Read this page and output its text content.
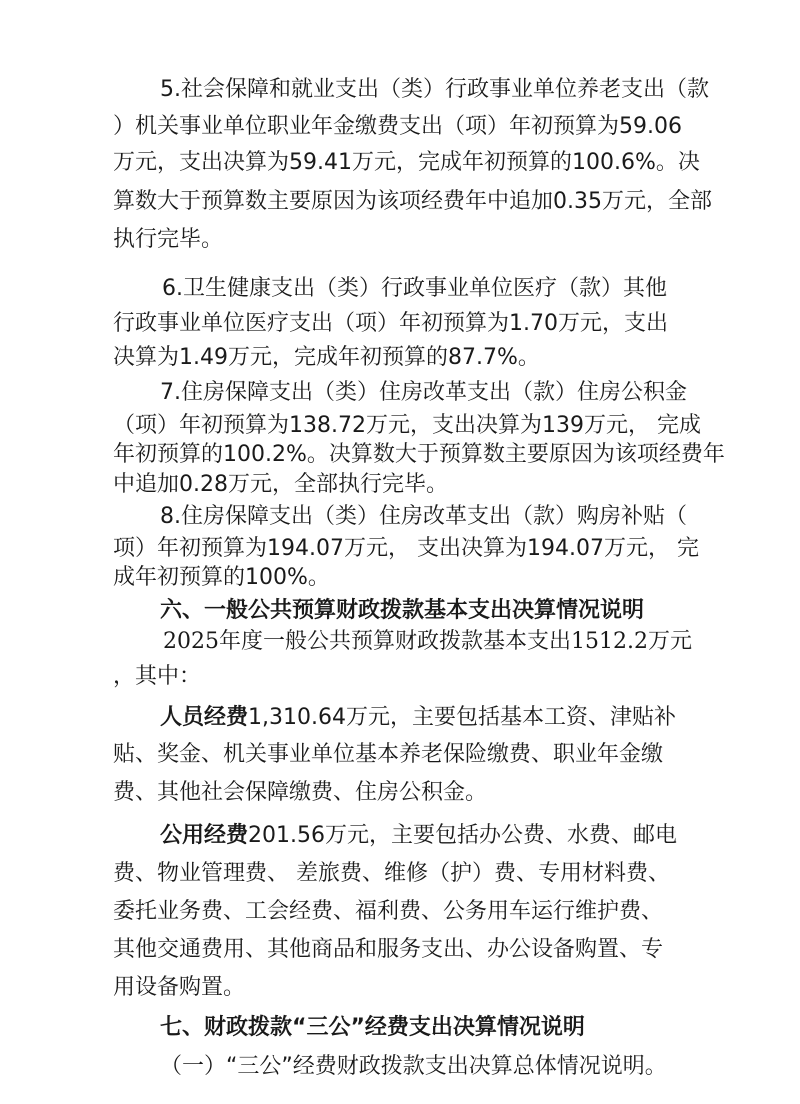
5.社会保障和就业支出（类）行政事业单位养老支出（款
）机关事业单位职业年金缴费支出（项）年初预算为59.06
万元，支出决算为59.41万元，完成年初预算的100.6%。决
算数大于预算数主要原因为该项经费年中追加0.35万元，全部
执行完毕。
6.卫生健康支出（类）行政事业单位医疗（款）其他
行政事业单位医疗支出（项）年初预算为1.70万元，支出
决算为1.49万元，完成年初预算的87.7%。
7.住房保障支出（类）住房改革支出（款）住房公积金
（项）年初预算为138.72万元，支出决算为139万元， 完成
年初预算的100.2%。决算数大于预算数主要原因为该项经费年
中追加0.28万元，全部执行完毕。
8.住房保障支出（类）住房改革支出（款）购房补贴（
项）年初预算为194.07万元， 支出决算为194.07万元， 完
成年初预算的100%。
六、一般公共预算财政拨款基本支出决算情况说明
2025年度一般公共预算财政拨款基本支出1512.2万元
，其中：
人员经费1,310.64万元，主要包括基本工资、津贴补
贴、奖金、机关事业单位基本养老保险缴费、职业年金缴
费、其他社会保障缴费、住房公积金。
公用经费201.56万元，主要包括办公费、水费、邮电
费、物业管理费、 差旅费、维修（护）费、专用材料费、
委托业务费、工会经费、福利费、公务用车运行维护费、
其他交通费用、其他商品和服务支出、办公设备购置、专
用设备购置。
七、财政拨款“三公”经费支出决算情况说明
（一）“三公”经费财政拨款支出决算总体情况说明。
